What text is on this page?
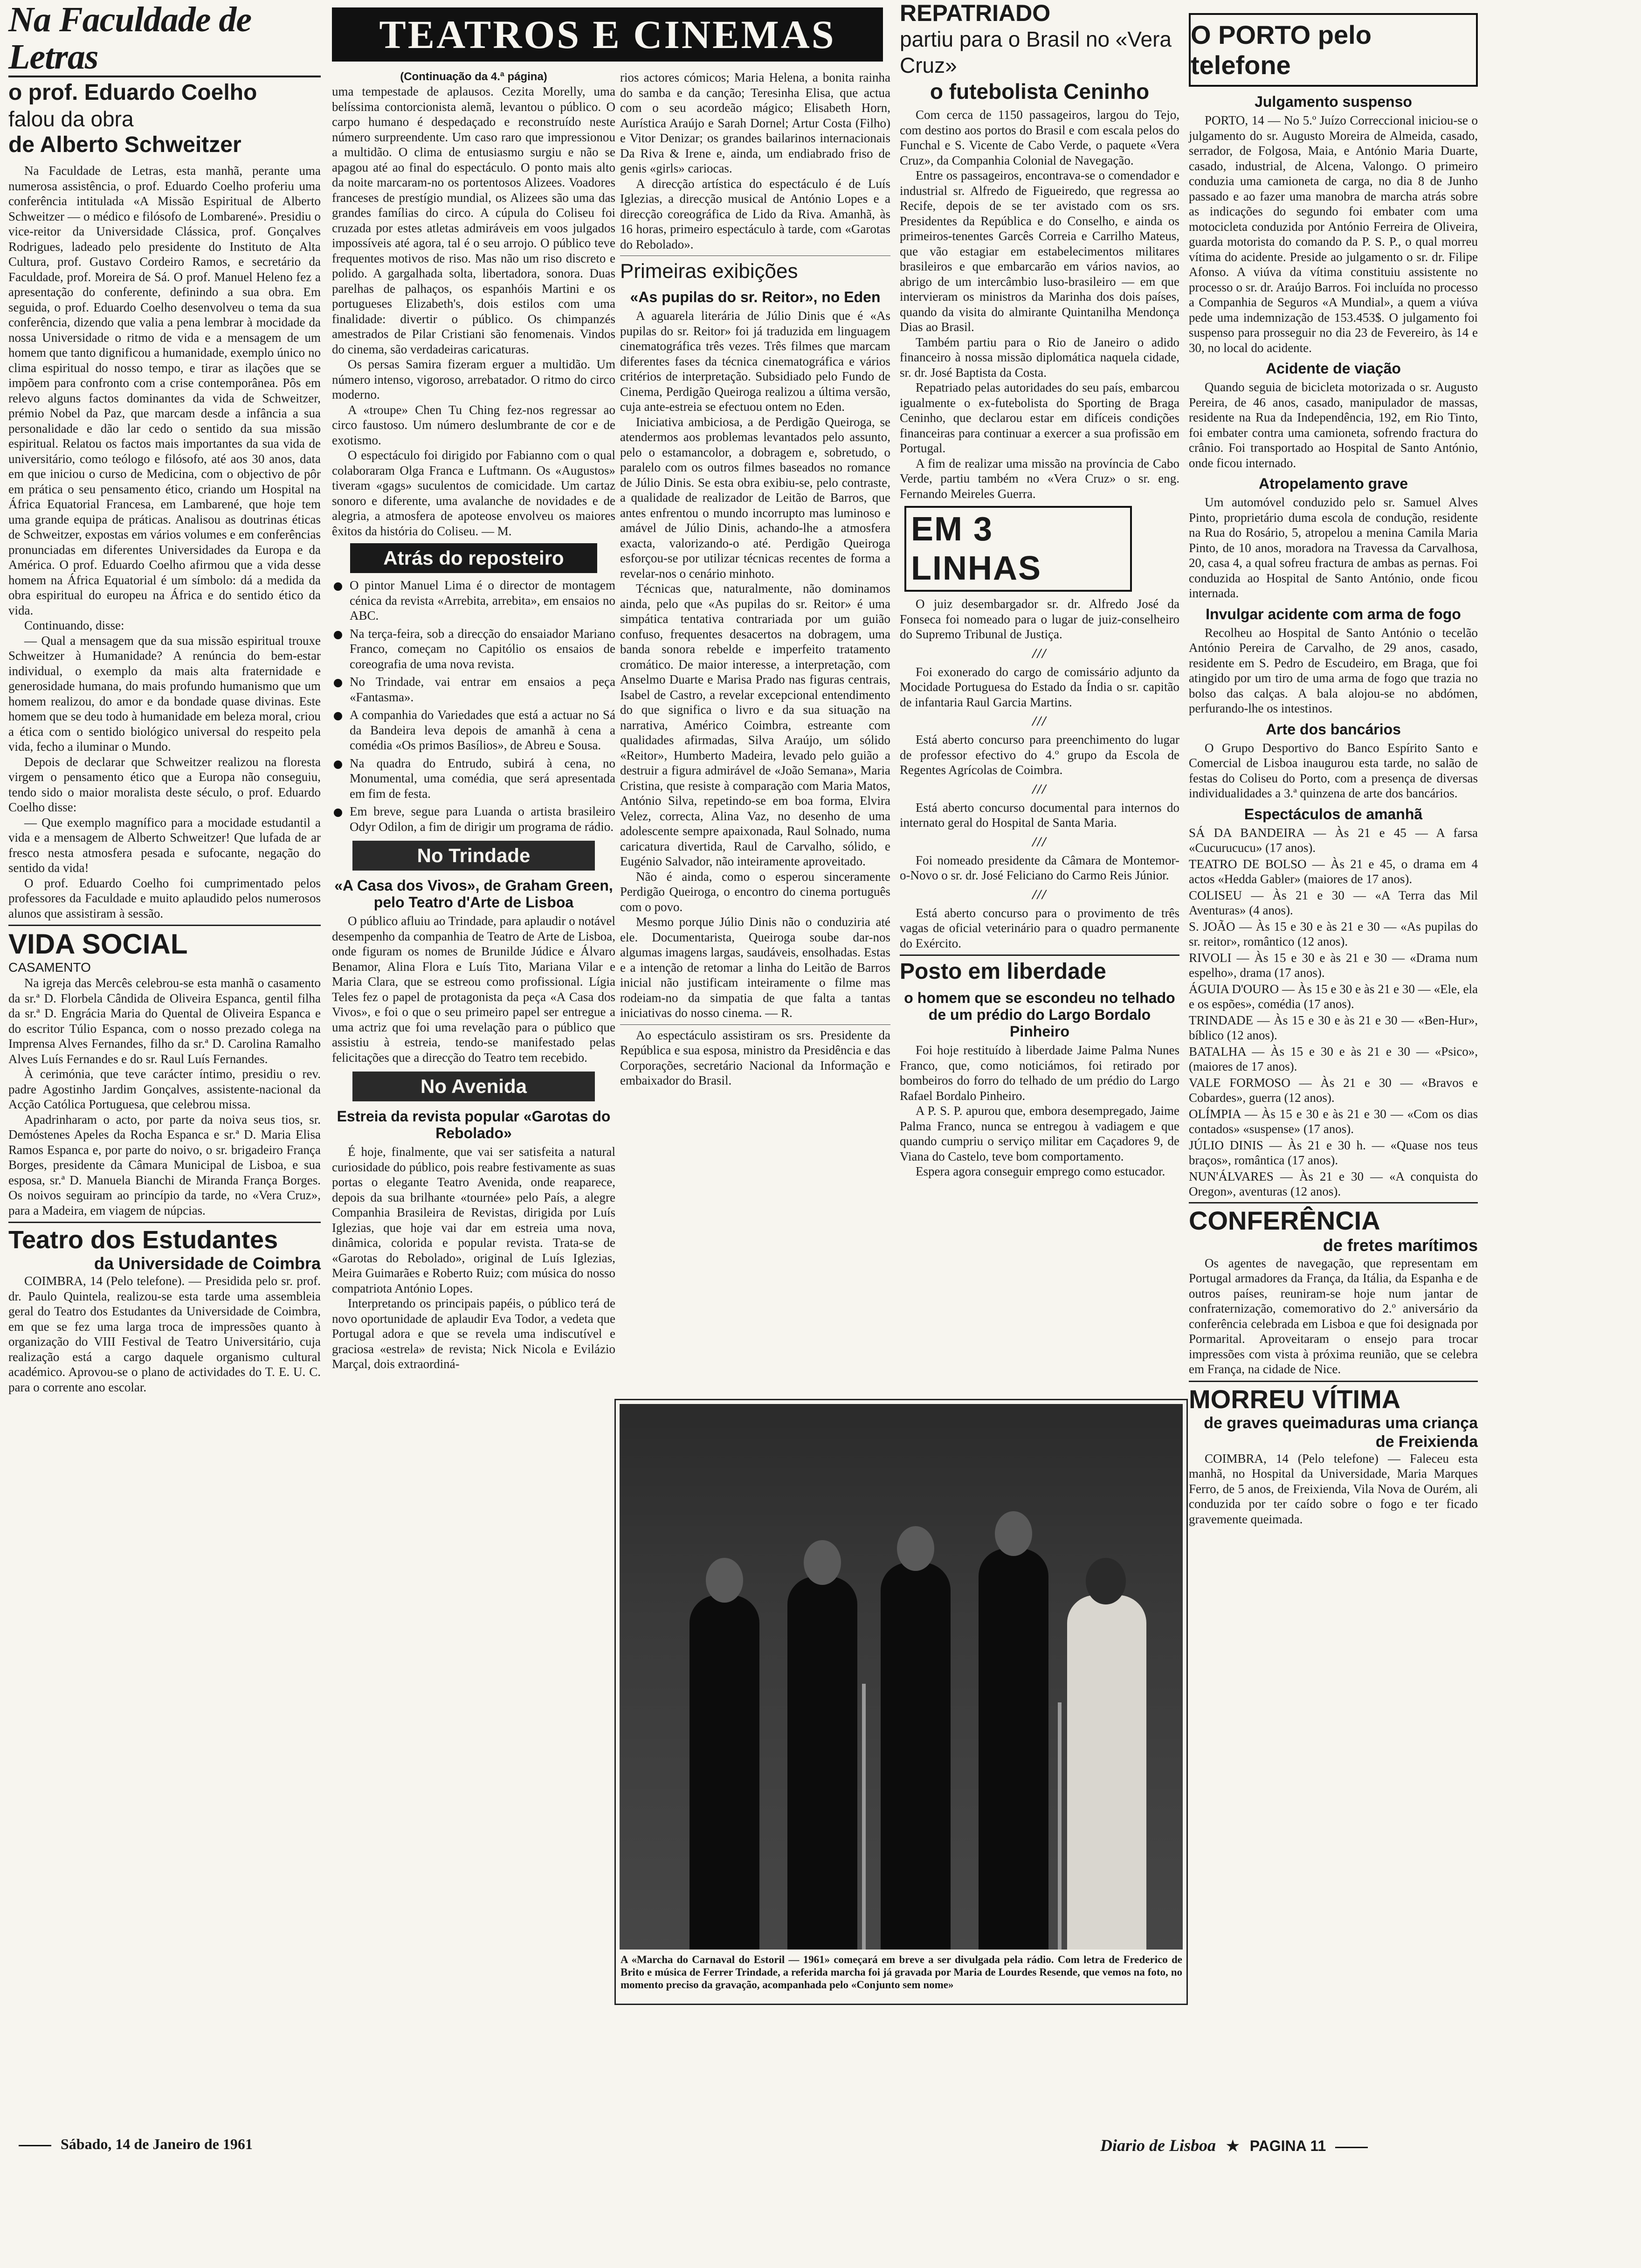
Na Faculdade de Letras
o prof. Eduardo Coelho
falou da obra
de Alberto Schweitzer

Na Faculdade de Letras, esta manhã, perante uma numerosa assistência, o prof. Eduardo Coelho proferiu uma conferência intitulada «A Missão Espiritual de Alberto Schweitzer — o médico e filósofo de Lombarené». Presidiu o vice-reitor da Universidade Clássica, prof. Gonçalves Rodrigues, ladeado pelo presidente do Instituto de Alta Cultura, prof. Gustavo Cordeiro Ramos, e secretário da Faculdade, prof. Moreira de Sá. O prof. Manuel Heleno fez a apresentação do conferente, definindo a sua obra. Em seguida, o prof. Eduardo Coelho desenvolveu o tema da sua conferência, dizendo que valia a pena lembrar à mocidade da nossa Universidade o ritmo de vida e a mensagem de um homem que tanto dignificou a humanidade, exemplo único no clima espiritual do nosso tempo, e tirar as ilações que se impõem para confronto com a crise contemporânea. Pôs em relevo alguns factos dominantes da vida de Schweitzer, prémio Nobel da Paz, que marcam desde a infância a sua personalidade e dão lar cedo o sentido da sua missão espiritual. Relatou os factos mais importantes da sua vida de universitário, como teólogo e filósofo, até aos 30 anos, data em que iniciou o curso de Medicina, com o objectivo de pôr em prática o seu pensamento ético, criando um Hospital na África Equatorial Francesa, em Lambarené, que hoje tem uma grande equipa de práticas. Analisou as doutrinas éticas de Schweitzer, expostas em vários volumes e em conferências pronunciadas em diferentes Universidades da Europa e da América. O prof. Eduardo Coelho afirmou que a vida desse homem na África Equatorial é um símbolo: dá a medida da obra espiritual do europeu na África e do sentido ético da vida.

Continuando, disse:

— Qual a mensagem que da sua missão espiritual trouxe Schweitzer à Humanidade? A renúncia do bem-estar individual, o exemplo da mais alta fraternidade e generosidade humana, do mais profundo humanismo que um homem realizou, do amor e da bondade quase divinas. Este homem que se deu todo à humanidade em beleza moral, criou a ética com o sentido biológico universal do respeito pela vida, fecho a iluminar o Mundo.

Depois de declarar que Schweitzer realizou na floresta virgem o pensamento ético que a Europa não conseguiu, tendo sido o maior moralista deste século, o prof. Eduardo Coelho disse:

— Que exemplo magnífico para a mocidade estudantil a vida e a mensagem de Alberto Schweitzer! Que lufada de ar fresco nesta atmosfera pesada e sufocante, negação do sentido da vida!

O prof. Eduardo Coelho foi cumprimentado pelos professores da Faculdade e muito aplaudido pelos numerosos alunos que assistiram à sessão.

VIDA SOCIAL
CASAMENTO

Na igreja das Mercês celebrou-se esta manhã o casamento da sr.ª D. Florbela Cândida de Oliveira Espanca, gentil filha da sr.ª D. Engrácia Maria do Quental de Oliveira Espanca e do escritor Túlio Espanca, com o nosso prezado colega na Imprensa Alves Fernandes, filho da sr.ª D. Carolina Ramalho Alves Luís Fernandes e do sr. Raul Luís Fernandes.

À cerimónia, que teve carácter íntimo, presidiu o rev. padre Agostinho Jardim Gonçalves, assistente-nacional da Acção Católica Portuguesa, que celebrou missa.

Apadrinharam o acto, por parte da noiva seus tios, sr. Demóstenes Apeles da Rocha Espanca e sr.ª D. Maria Elisa Ramos Espanca e, por parte do noivo, o sr. brigadeiro França Borges, presidente da Câmara Municipal de Lisboa, e sua esposa, sr.ª D. Manuela Bianchi de Miranda França Borges. Os noivos seguiram ao princípio da tarde, no «Vera Cruz», para a Madeira, em viagem de núpcias.

Teatro dos Estudantes
da Universidade de Coimbra

COIMBRA, 14 (Pelo telefone). — Presidida pelo sr. prof. dr. Paulo Quintela, realizou-se esta tarde uma assembleia geral do Teatro dos Estudantes da Universidade de Coimbra, em que se fez uma larga troca de impressões quanto à organização do VIII Festival de Teatro Universitário, cuja realização está a cargo daquele organismo cultural académico. Aprovou-se o plano de actividades do T. E. U. C. para o corrente ano escolar.

TEATROS E CINEMAS
(Continuação da 4.ª página)

uma tempestade de aplausos. Cezita Morelly, uma belíssima contorcionista alemã, levantou o público. O carpo humano é despedaçado e reconstruído neste número surpreendente. Um caso raro que impressionou a multidão. O clima de entusiasmo surgiu e não se apagou até ao final do espectáculo. O ponto mais alto da noite marcaram-no os portentosos Alizees. Voadores franceses de prestígio mundial, os Alizees são uma das grandes famílias do circo. A cúpula do Coliseu foi cruzada por estes atletas admiráveis em voos julgados impossíveis até agora, tal é o seu arrojo. O público teve frequentes motivos de riso. Mas não um riso discreto e polido. A gargalhada solta, libertadora, sonora. Duas parelhas de palhaços, os espanhóis Martini e os portugueses Elizabeth's, dois estilos com uma finalidade: divertir o público. Os chimpanzés amestrados de Pilar Cristiani são fenomenais. Vindos do cinema, são verdadeiras caricaturas.

Os persas Samira fizeram erguer a multidão. Um número intenso, vigoroso, arrebatador. O ritmo do circo moderno.

A «troupe» Chen Tu Ching fez-nos regressar ao circo faustoso. Um número deslumbrante de cor e de exotismo.

O espectáculo foi dirigido por Fabianno com o qual colaboraram Olga Franca e Luftmann. Os «Augustos» tiveram «gags» suculentos de comicidade. Um cartaz sonoro e diferente, uma avalanche de novidades e de alegria, a atmosfera de apoteose envolveu os maiores êxitos da história do Coliseu. — M.

Atrás do reposteiro
O pintor Manuel Lima é o director de montagem cénica da revista «Arrebita, arrebita», em ensaios no ABC.
Na terça-feira, sob a direcção do ensaiador Mariano Franco, começam no Capitólio os ensaios de coreografia de uma nova revista.
No Trindade, vai entrar em ensaios a peça «Fantasma».
A companhia do Variedades que está a actuar no Sá da Bandeira leva depois de amanhã à cena a comédia «Os primos Basílios», de Abreu e Sousa.
Na quadra do Entrudo, subirá à cena, no Monumental, uma comédia, que será apresentada em fim de festa.
Em breve, segue para Luanda o artista brasileiro Odyr Odilon, a fim de dirigir um programa de rádio.
No Trindade
«A Casa dos Vivos», de Graham Green, pelo Teatro d'Arte de Lisboa

O público afluiu ao Trindade, para aplaudir o notável desempenho da companhia de Teatro de Arte de Lisboa, onde figuram os nomes de Brunilde Júdice e Álvaro Benamor, Alina Flora e Luís Tito, Mariana Vilar e Maria Clara, que se estreou como profissional. Lígia Teles fez o papel de protagonista da peça «A Casa dos Vivos», e foi o que o seu primeiro papel ser entregue a uma actriz que foi uma revelação para o público que assistiu à estreia, tendo-se manifestado pelas felicitações que a direcção do Teatro tem recebido.

No Avenida
Estreia da revista popular «Garotas do Rebolado»

É hoje, finalmente, que vai ser satisfeita a natural curiosidade do público, pois reabre festivamente as suas portas o elegante Teatro Avenida, onde reaparece, depois da sua brilhante «tournée» pelo País, a alegre Companhia Brasileira de Revistas, dirigida por Luís Iglezias, que hoje vai dar em estreia uma nova, dinâmica, colorida e popular revista. Trata-se de «Garotas do Rebolado», original de Luís Iglezias, Meira Guimarães e Roberto Ruiz; com música do nosso compatriota António Lopes.

Interpretando os principais papéis, o público terá de novo oportunidade de aplaudir Eva Todor, a vedeta que Portugal adora e que se revela uma indiscutível e graciosa «estrela» de revista; Nick Nicola e Evilázio Marçal, dois extraordiná-

rios actores cómicos; Maria Helena, a bonita rainha do samba e da canção; Teresinha Elisa, que actua com o seu acordeão mágico; Elisabeth Horn, Aurística Araújo e Sarah Dornel; Artur Costa (Filho) e Vitor Denizar; os grandes bailarinos internacionais Da Riva & Irene e, ainda, um endiabrado friso de genis «girls» cariocas.

A direcção artística do espectáculo é de Luís Iglezias, a direcção musical de António Lopes e a direcção coreográfica de Lido da Riva. Amanhã, às 16 horas, primeiro espectáculo à tarde, com «Garotas do Rebolado».

Primeiras exibições
«As pupilas do sr. Reitor», no Eden

A aguarela literária de Júlio Dinis que é «As pupilas do sr. Reitor» foi já traduzida em linguagem cinematográfica três vezes. Três filmes que marcam diferentes fases da técnica cinematográfica e vários critérios de interpretação. Subsidiado pelo Fundo de Cinema, Perdigão Queiroga realizou a última versão, cuja ante-estreia se efectuou ontem no Eden.

Iniciativa ambiciosa, a de Perdigão Queiroga, se atendermos aos problemas levantados pelo assunto, pelo o estamancolor, a dobragem e, sobretudo, o paralelo com os outros filmes baseados no romance de Júlio Dinis. Se esta obra exibiu-se, pelo contraste, a qualidade de realizador de Leitão de Barros, que antes enfrentou o mundo incorrupto mas luminoso e amável de Júlio Dinis, achando-lhe a atmosfera exacta, valorizando-o até. Perdigão Queiroga esforçou-se por utilizar técnicas recentes de forma a revelar-nos o cenário minhoto.

Técnicas que, naturalmente, não dominamos ainda, pelo que «As pupilas do sr. Reitor» é uma simpática tentativa contrariada por um guião confuso, frequentes desacertos na dobragem, uma banda sonora rebelde e imperfeito tratamento cromático. De maior interesse, a interpretação, com Anselmo Duarte e Marisa Prado nas figuras centrais, Isabel de Castro, a revelar excepcional entendimento do que significa o livro e da sua situação na narrativa, Américo Coimbra, estreante com qualidades afirmadas, Silva Araújo, um sólido «Reitor», Humberto Madeira, levado pelo guião a destruir a figura admirável de «João Semana», Maria Cristina, que resiste à comparação com Maria Matos, António Silva, repetindo-se em boa forma, Elvira Velez, correcta, Alina Vaz, no desenho de uma adolescente sempre apaixonada, Raul Solnado, numa caricatura divertida, Raul de Carvalho, sólido, e Eugénio Salvador, não inteiramente aproveitado.

Não é ainda, como o esperou sinceramente Perdigão Queiroga, o encontro do cinema português com o povo.

Mesmo porque Júlio Dinis não o conduziria até ele. Documentarista, Queiroga soube dar-nos algumas imagens largas, saudáveis, ensolhadas. Estas e a intenção de retomar a linha do Leitão de Barros inicial não justificam inteiramente o filme mas rodeiam-no da simpatia de que falta a tantas iniciativas do nosso cinema. — R.

Ao espectáculo assistiram os srs. Presidente da República e sua esposa, ministro da Presidência e das Corporações, secretário Nacional da Informação e embaixador do Brasil.

A «Marcha do Carnaval do Estoril — 1961» começará em breve a ser divulgada pela rádio. Com letra de Frederico de Brito e música de Ferrer Trindade, a referida marcha foi já gravada por Maria de Lourdes Resende, que vemos na foto, no momento preciso da gravação, acompanhada pelo «Conjunto sem nome»
REPATRIADO
partiu para o Brasil no «Vera Cruz»
o futebolista Ceninho

Com cerca de 1150 passageiros, largou do Tejo, com destino aos portos do Brasil e com escala pelos do Funchal e S. Vicente de Cabo Verde, o paquete «Vera Cruz», da Companhia Colonial de Navegação.

Entre os passageiros, encontrava-se o comendador e industrial sr. Alfredo de Figueiredo, que regressa ao Recife, depois de se ter avistado com os srs. Presidentes da República e do Conselho, e ainda os primeiros-tenentes Garcês Correia e Carrilho Mateus, que vão estagiar em estabelecimentos militares brasileiros e que embarcarão em vários navios, ao abrigo de um intercâmbio luso-brasileiro — em que intervieram os ministros da Marinha dos dois países, quando da visita do almirante Quintanilha Mendonça Dias ao Brasil.

Também partiu para o Rio de Janeiro o adido financeiro à nossa missão diplomática naquela cidade, sr. dr. José Baptista da Costa.

Repatriado pelas autoridades do seu país, embarcou igualmente o ex-futebolista do Sporting de Braga Ceninho, que declarou estar em difíceis condições financeiras para continuar a exercer a sua profissão em Portugal.

A fim de realizar uma missão na província de Cabo Verde, partiu também no «Vera Cruz» o sr. eng. Fernando Meireles Guerra.

EM 3 LINHAS
O juiz desembargador sr. dr. Alfredo José da Fonseca foi nomeado para o lugar de juiz-conselheiro do Supremo Tribunal de Justiça.
///
Foi exonerado do cargo de comissário adjunto da Mocidade Portuguesa do Estado da Índia o sr. capitão de infantaria Raul Garcia Martins.
///
Está aberto concurso para preenchimento do lugar de professor efectivo do 4.º grupo da Escola de Regentes Agrícolas de Coimbra.
///
Está aberto concurso documental para internos do internato geral do Hospital de Santa Maria.
///
Foi nomeado presidente da Câmara de Montemor-o-Novo o sr. dr. José Feliciano do Carmo Reis Júnior.
///
Está aberto concurso para o provimento de três vagas de oficial veterinário para o quadro permanente do Exército.
Posto em liberdade
o homem que se escondeu no telhado de um prédio do Largo Bordalo Pinheiro

Foi hoje restituído à liberdade Jaime Palma Nunes Franco, que, como noticiámos, foi retirado por bombeiros do forro do telhado de um prédio do Largo Rafael Bordalo Pinheiro.

A P. S. P. apurou que, embora desempregado, Jaime Palma Franco, nunca se entregou à vadiagem e que quando cumpriu o serviço militar em Caçadores 9, de Viana do Castelo, teve bom comportamento.

Espera agora conseguir emprego como estucador.

O PORTO pelo telefone
Julgamento suspenso

PORTO, 14 — No 5.º Juízo Correccional iniciou-se o julgamento do sr. Augusto Moreira de Almeida, casado, serrador, de Folgosa, Maia, e António Maria Duarte, casado, industrial, de Alcena, Valongo. O primeiro conduzia uma camioneta de carga, no dia 8 de Junho passado e ao fazer uma manobra de marcha atrás sobre as indicações do segundo foi embater com uma motocicleta conduzida por António Ferreira de Oliveira, guarda motorista do comando da P. S. P., o qual morreu vítima do acidente. Preside ao julgamento o sr. dr. Filipe Afonso. A viúva da vítima constituiu assistente no processo o sr. dr. Araújo Barros. Foi incluída no processo a Companhia de Seguros «A Mundial», a quem a viúva pede uma indemnização de 153.453$. O julgamento foi suspenso para prosseguir no dia 23 de Fevereiro, às 14 e 30, no local do acidente.

Acidente de viação

Quando seguia de bicicleta motorizada o sr. Augusto Pereira, de 46 anos, casado, manipulador de massas, residente na Rua da Independência, 192, em Rio Tinto, foi embater contra uma camioneta, sofrendo fractura do crânio. Foi transportado ao Hospital de Santo António, onde ficou internado.

Atropelamento grave

Um automóvel conduzido pelo sr. Samuel Alves Pinto, proprietário duma escola de condução, residente na Rua do Rosário, 5, atropelou a menina Camila Maria Pinto, de 10 anos, moradora na Travessa da Carvalhosa, 20, casa 4, a qual sofreu fractura de ambas as pernas. Foi conduzida ao Hospital de Santo António, onde ficou internada.

Invulgar acidente com arma de fogo

Recolheu ao Hospital de Santo António o tecelão António Pereira de Carvalho, de 29 anos, casado, residente em S. Pedro de Escudeiro, em Braga, que foi atingido por um tiro de uma arma de fogo que trazia no bolso das calças. A bala alojou-se no abdómen, perfurando-lhe os intestinos.

Arte dos bancários

O Grupo Desportivo do Banco Espírito Santo e Comercial de Lisboa inaugurou esta tarde, no salão de festas do Coliseu do Porto, com a presença de diversas individualidades a 3.ª quinzena de arte dos bancários.

Espectáculos de amanhã
SÁ DA BANDEIRA — Às 21 e 45 — A farsa «Cucurucucu» (17 anos).
TEATRO DE BOLSO — Às 21 e 45, o drama em 4 actos «Hedda Gabler» (maiores de 17 anos).
COLISEU — Às 21 e 30 — «A Terra das Mil Aventuras» (4 anos).
S. JOÃO — Às 15 e 30 e às 21 e 30 — «As pupilas do sr. reitor», romântico (12 anos).
RIVOLI — Às 15 e 30 e às 21 e 30 — «Drama num espelho», drama (17 anos).
ÁGUIA D'OURO — Às 15 e 30 e às 21 e 30 — «Ele, ela e os espões», comédia (17 anos).
TRINDADE — Às 15 e 30 e às 21 e 30 — «Ben-Hur», bíblico (12 anos).
BATALHA — Às 15 e 30 e às 21 e 30 — «Psico», (maiores de 17 anos).
VALE FORMOSO — Às 21 e 30 — «Bravos e Cobardes», guerra (12 anos).
OLÍMPIA — Às 15 e 30 e às 21 e 30 — «Com os dias contados» «suspense» (17 anos).
JÚLIO DINIS — Às 21 e 30 h. — «Quase nos teus braços», romântica (17 anos).
NUN'ÁLVARES — Às 21 e 30 — «A conquista do Oregon», aventuras (12 anos).
CONFERÊNCIA
de fretes marítimos

Os agentes de navegação, que representam em Portugal armadores da França, da Itália, da Espanha e de outros países, reuniram-se hoje num jantar de confraternização, comemorativo do 2.º aniversário da conferência celebrada em Lisboa e que foi designada por Pormarital. Aproveitaram o ensejo para trocar impressões com vista à próxima reunião, que se celebra em França, na cidade de Nice.

MORREU VÍTIMA
de graves queimaduras uma criança de Freixienda

COIMBRA, 14 (Pelo telefone) — Faleceu esta manhã, no Hospital da Universidade, Maria Marques Ferro, de 5 anos, de Freixienda, Vila Nova de Ourém, ali conduzida por ter caído sobre o fogo e ter ficado gravemente queimada.

Sábado, 14 de Janeiro de 1961	Diario de Lisboa ★ PAGINA 11
